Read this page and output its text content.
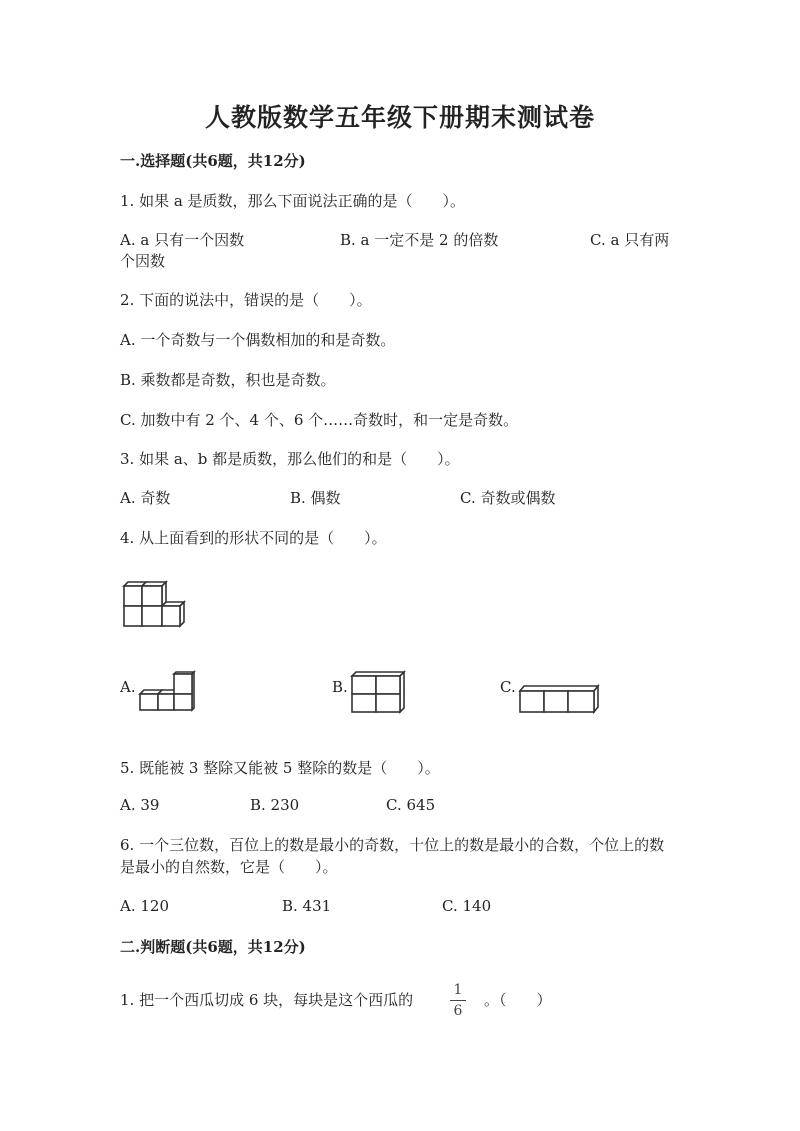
人教版数学五年级下册期末测试卷
一.选择题(共6题，共12分)
1. 如果 a 是质数，那么下面说法正确的是（　　）。
A. a 只有一个因数	B. a 一定不是 2 的倍数	C. a 只有两
个因数
2. 下面的说法中，错误的是（　　）。
A. 一个奇数与一个偶数相加的和是奇数。
B. 乘数都是奇数，积也是奇数。
C. 加数中有 2 个、4 个、6 个……奇数时，和一定是奇数。
3. 如果 a、b 都是质数，那么他们的和是（　　）。
A. 奇数	B. 偶数	C. 奇数或偶数
4. 从上面看到的形状不同的是（　　）。
A.	B.	C.
5. 既能被 3 整除又能被 5 整除的数是（　　）。
A. 39	B. 230	C. 645
6. 一个三位数，百位上的数是最小的奇数，十位上的数是最小的合数，个位上的数是最小的自然数，它是（　　）。
A. 120	B. 431	C. 140
二.判断题(共6题，共12分)
1. 把一个西瓜切成 6 块，每块是这个西瓜的
1
6
。（　　）
